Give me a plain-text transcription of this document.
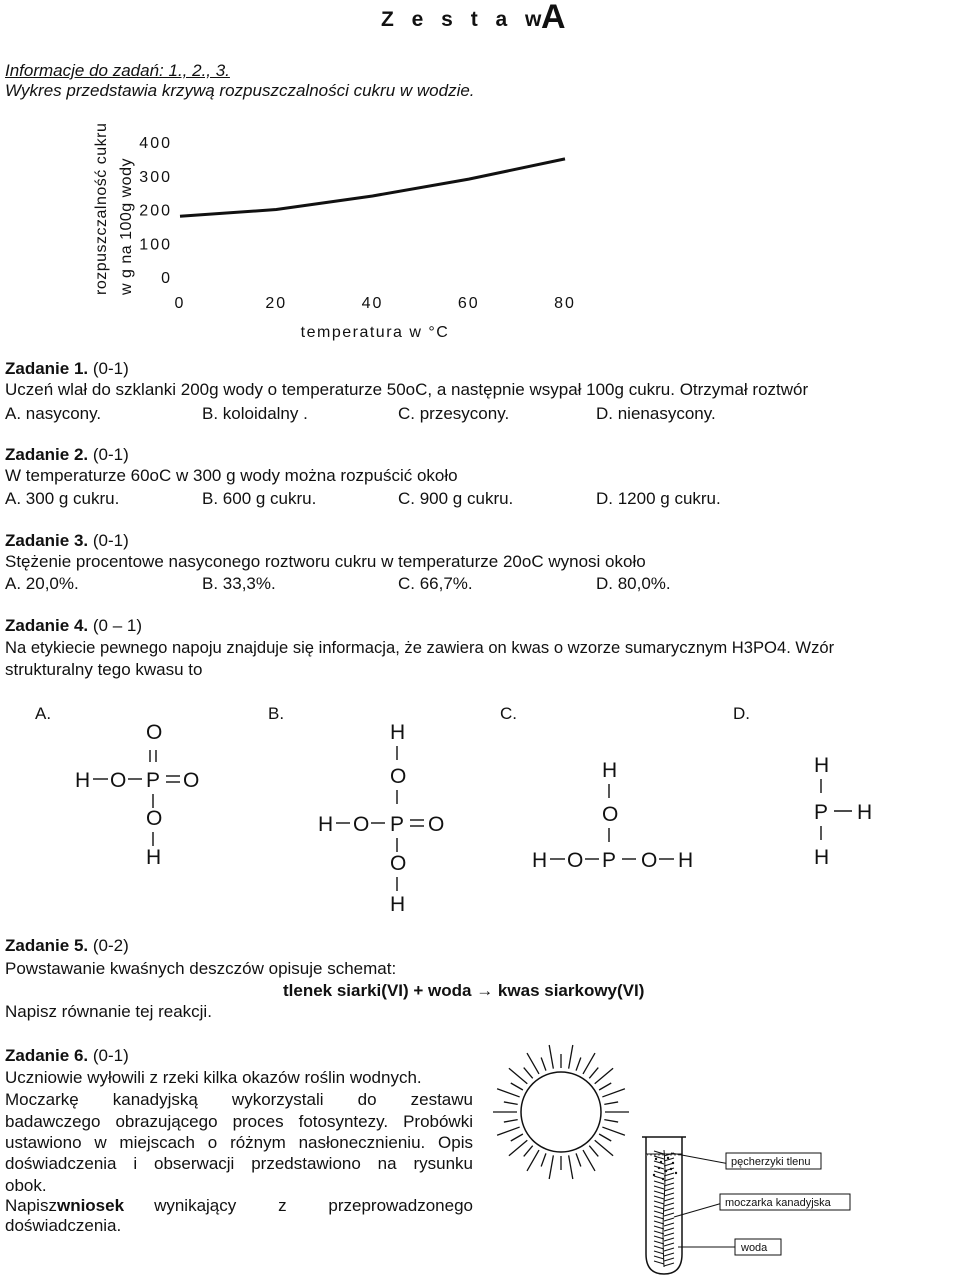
Z e s t a w
A
Informacje do zadań: 1., 2., 3.
Wykres przedstawia krzywą rozpuszczalności cukru w wodzie.
rozpuszczalność cukru w g na 100g wody 0
100
200
300
400
0	20	40	60	80
temperatura w °C
Zadanie 1. (0-1)
Uczeń wlał do szklanki 200g wody o temperaturze 50oC, a następnie wsypał 100g cukru. Otrzymał roztwór
A. nasycony.	B. koloidalny .	C. przesycony.	D. nienasycony.
Zadanie 2. (0-1)
W temperaturze 60oC w 300 g wody można rozpuścić około
A. 300 g cukru.	B. 600 g cukru.	C. 900 g cukru.	D. 1200 g cukru.
Zadanie 3. (0-1)
Stężenie procentowe nasyconego roztworu cukru w temperaturze 20oC wynosi około
A. 20,0%.	B. 33,3%.	C. 66,7%.	D. 80,0%.
Zadanie 4. (0 – 1)
Na etykiecie pewnego napoju znajduje się informacja, że zawiera on kwas o wzorze sumarycznym H3PO4. Wzór
strukturalny tego kwasu to
A.	B.	C.	D.
O
H O P O
O
H
H
O
H O P O
O
H
H
O
H O P O H
H
P H
H
Zadanie 5. (0-2)
Powstawanie kwaśnych deszczów opisuje schemat:
tlenek siarki(VI) + woda → kwas siarkowy(VI)
Napisz równanie tej reakcji.
Zadanie 6. (0-1)
Uczniowie wyłowili z rzeki kilka okazów roślin wodnych.
Moczarkę kanadyjską wykorzystali do zestawu
badawczego obrazującego proces fotosyntezy. Probówki
ustawiono w miejscach o różnym nasłonecznieniu. Opis
doświadczenia i obserwacji przedstawiono na rysunku
obok.
Napisz wniosek wynikający z przeprowadzonego
doświadczenia.
pęcherzyki tlenu
moczarka kanadyjska
woda
